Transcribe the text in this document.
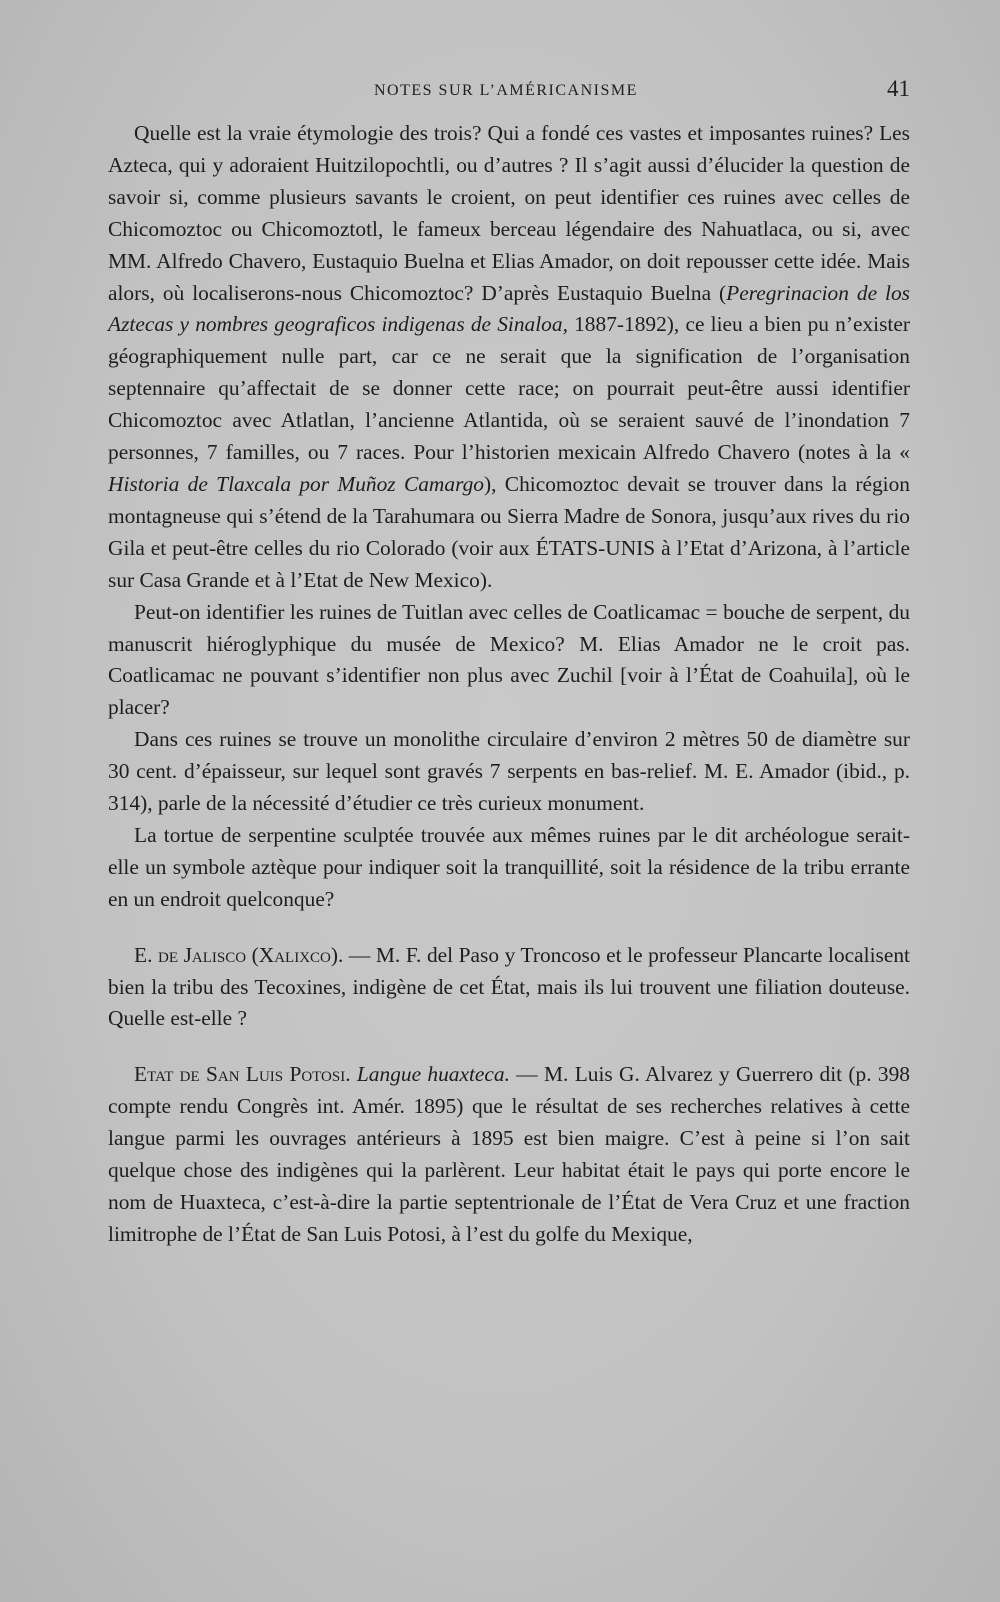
NOTES SUR L’AMÉRICANISME	41

Quelle est la vraie étymologie des trois? Qui a fondé ces vastes et imposantes ruines? Les Azteca, qui y adoraient Huitzilopochtli, ou d’autres ? Il s’agit aussi d’élucider la question de savoir si, comme plusieurs savants le croient, on peut identifier ces ruines avec celles de Chicomoztoc ou Chicomoztotl, le fameux berceau légendaire des Nahuatlaca, ou si, avec MM. Alfredo Chavero, Eustaquio Buelna et Elias Amador, on doit repousser cette idée. Mais alors, où localiserons-nous Chicomoztoc? D’après Eustaquio Buelna (Peregrinacion de los Aztecas y nombres geograficos indigenas de Sinaloa, 1887-1892), ce lieu a bien pu n’exister géographiquement nulle part, car ce ne serait que la signification de l’organisation septennaire qu’affectait de se donner cette race; on pourrait peut-être aussi identifier Chicomoztoc avec Atlatlan, l’ancienne Atlantida, où se seraient sauvé de l’inondation 7 personnes, 7 familles, ou 7 races. Pour l’historien mexicain Alfredo Chavero (notes à la « Historia de Tlaxcala por Muñoz Camargo), Chicomoztoc devait se trouver dans la région montagneuse qui s’étend de la Tarahumara ou Sierra Madre de Sonora, jusqu’aux rives du rio Gila et peut-être celles du rio Colorado (voir aux ÉTATS-UNIS à l’Etat d’Arizona, à l’article sur Casa Grande et à l’Etat de New Mexico).

Peut-on identifier les ruines de Tuitlan avec celles de Coatlicamac = bouche de serpent, du manuscrit hiéroglyphique du musée de Mexico? M. Elias Amador ne le croit pas. Coatlicamac ne pouvant s’identifier non plus avec Zuchil [voir à l’État de Coahuila], où le placer?

Dans ces ruines se trouve un monolithe circulaire d’environ 2 mètres 50 de diamètre sur 30 cent. d’épaisseur, sur lequel sont gravés 7 serpents en bas-relief. M. E. Amador (ibid., p. 314), parle de la nécessité d’étudier ce très curieux monument.

La tortue de serpentine sculptée trouvée aux mêmes ruines par le dit archéologue serait-elle un symbole aztèque pour indiquer soit la tranquillité, soit la résidence de la tribu errante en un endroit quelconque?

E. de Jalisco (Xalixco). — M. F. del Paso y Troncoso et le professeur Plancarte localisent bien la tribu des Tecoxines, indigène de cet État, mais ils lui trouvent une filiation douteuse. Quelle est-elle ?

Etat de San Luis Potosi. Langue huaxteca. — M. Luis G. Alvarez y Guerrero dit (p. 398 compte rendu Congrès int. Amér. 1895) que le résultat de ses recherches relatives à cette langue parmi les ouvrages antérieurs à 1895 est bien maigre. C’est à peine si l’on sait quelque chose des indigènes qui la parlèrent. Leur habitat était le pays qui porte encore le nom de Huaxteca, c’est-à-dire la partie septentrionale de l’État de Vera Cruz et une fraction limitrophe de l’État de San Luis Potosi, à l’est du golfe du Mexique,
